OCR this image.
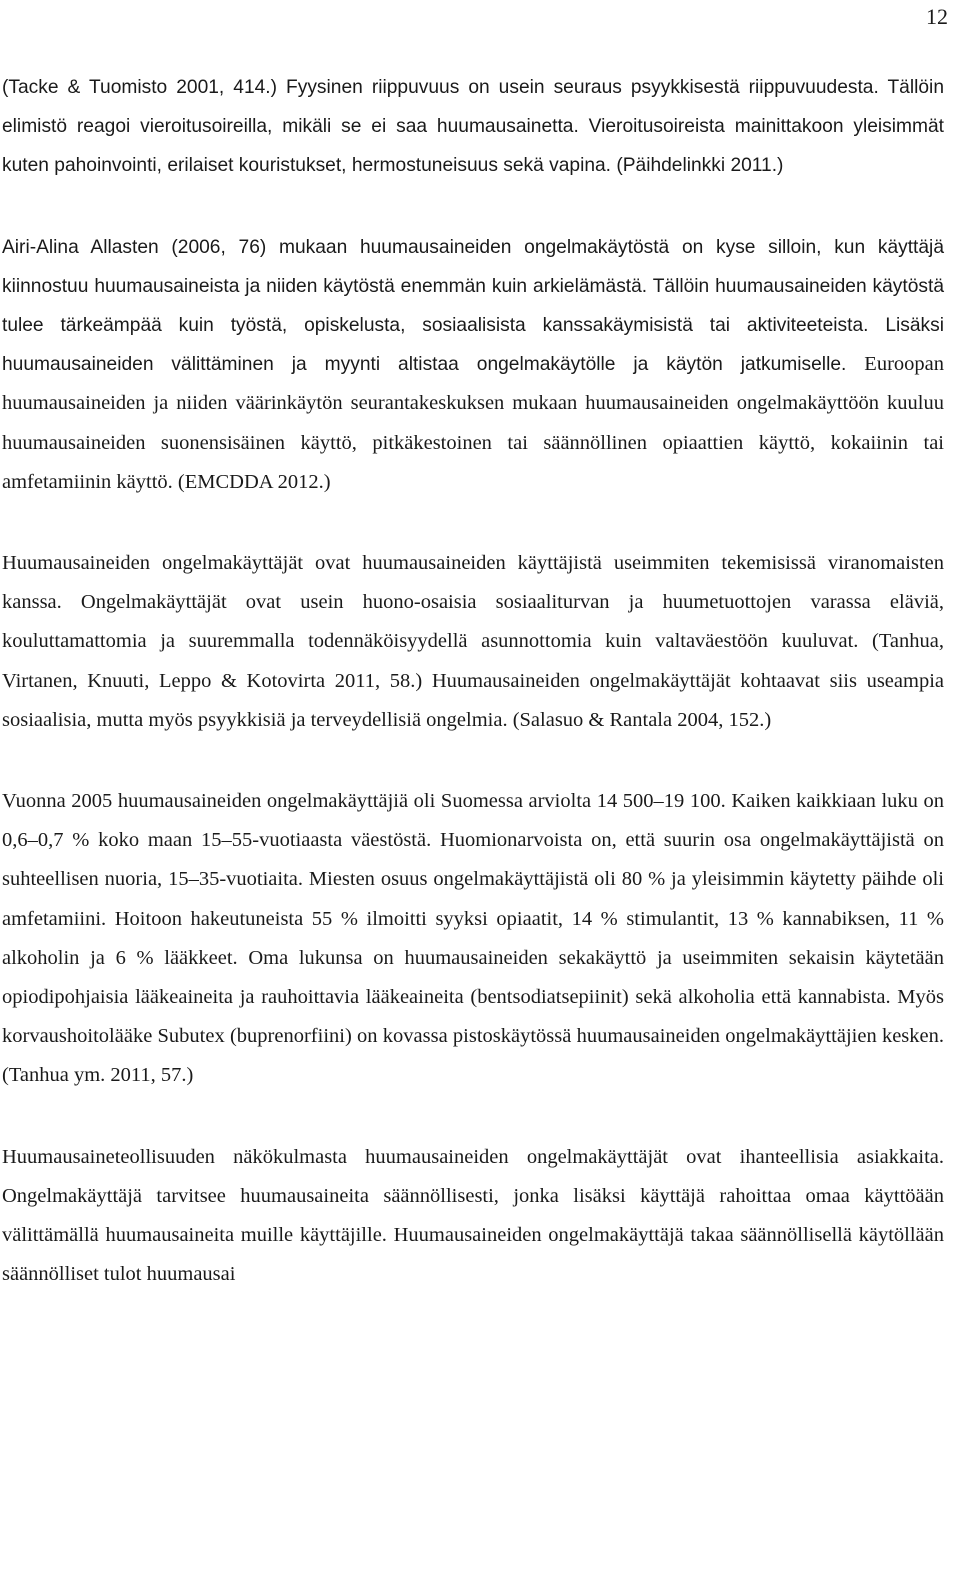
12

(Tacke & Tuomisto 2001, 414.) Fyysinen riippuvuus on usein seuraus psyykkisestä riippuvuudesta. Tällöin elimistö reagoi vieroitusoireilla, mikäli se ei saa huumausainetta. Vieroitusoireista mainittakoon yleisimmät kuten pahoinvointi, erilaiset kouristukset, hermostuneisuus sekä vapina. (Päihdelinkki 2011.)

Airi-Alina Allasten (2006, 76) mukaan huumausaineiden ongelmakäytöstä on kyse silloin, kun käyttäjä kiinnostuu huumausaineista ja niiden käytöstä enemmän kuin arkielämästä. Tällöin huumausaineiden käytöstä tulee tärkeämpää kuin työstä, opiskelusta, sosiaalisista kanssakäymisistä tai aktiviteeteista. Lisäksi huumausaineiden välittäminen ja myynti altistaa ongelmakäytölle ja käytön jatkumiselle. Euroopan huumausaineiden ja niiden väärinkäytön seurantakeskuksen mukaan huumausaineiden ongelmakäyttöön kuuluu huumausaineiden suonensisäinen käyttö, pitkäkestoinen tai säännöllinen opiaattien käyttö, kokaiinin tai amfetamiinin käyttö. (EMCDDA 2012.)

Huumausaineiden ongelmakäyttäjät ovat huumausaineiden käyttäjistä useimmiten tekemisissä viranomaisten kanssa. Ongelmakäyttäjät ovat usein huono-osaisia sosiaaliturvan ja huumetuottojen varassa eläviä, kouluttamattomia ja suuremmalla todennäköisyydellä asunnottomia kuin valtaväestöön kuuluvat. (Tanhua, Virtanen, Knuuti, Leppo & Kotovirta 2011, 58.) Huumausaineiden ongelmakäyttäjät kohtaavat siis useampia sosiaalisia, mutta myös psyykkisiä ja terveydellisiä ongelmia. (Salasuo & Rantala 2004, 152.)

Vuonna 2005 huumausaineiden ongelmakäyttäjiä oli Suomessa arviolta 14 500–19 100. Kaiken kaikkiaan luku on 0,6–0,7 % koko maan 15–55-vuotiaasta väestöstä. Huomionarvoista on, että suurin osa ongelmakäyttäjistä on suhteellisen nuoria, 15–35-vuotiaita. Miesten osuus ongelmakäyttäjistä oli 80 % ja yleisimmin käytetty päihde oli amfetamiini. Hoitoon hakeutuneista 55 % ilmoitti syyksi opiaatit, 14 % stimulantit, 13 % kannabiksen, 11 % alkoholin ja 6 % lääkkeet. Oma lukunsa on huumausaineiden sekakäyttö ja useimmiten sekaisin käytetään opiodipohjaisia lääkeaineita ja rauhoittavia lääkeaineita (bentsodiatsepiinit) sekä alkoholia että kannabista. Myös korvaushoitolääke Subutex (buprenorfiini) on kovassa pistoskäytössä huumausaineiden ongelmakäyttäjien kesken. (Tanhua ym. 2011, 57.)

Huumausaineteollisuuden näkökulmasta huumausaineiden ongelmakäyttäjät ovat ihanteellisia asiakkaita. Ongelmakäyttäjä tarvitsee huumausaineita säännöllisesti, jonka lisäksi käyttäjä rahoittaa omaa käyttöään välittämällä huumausaineita muille käyttäjille. Huumausaineiden ongelmakäyttäjä takaa säännöllisellä käytöllään säännölliset tulot huumausai
